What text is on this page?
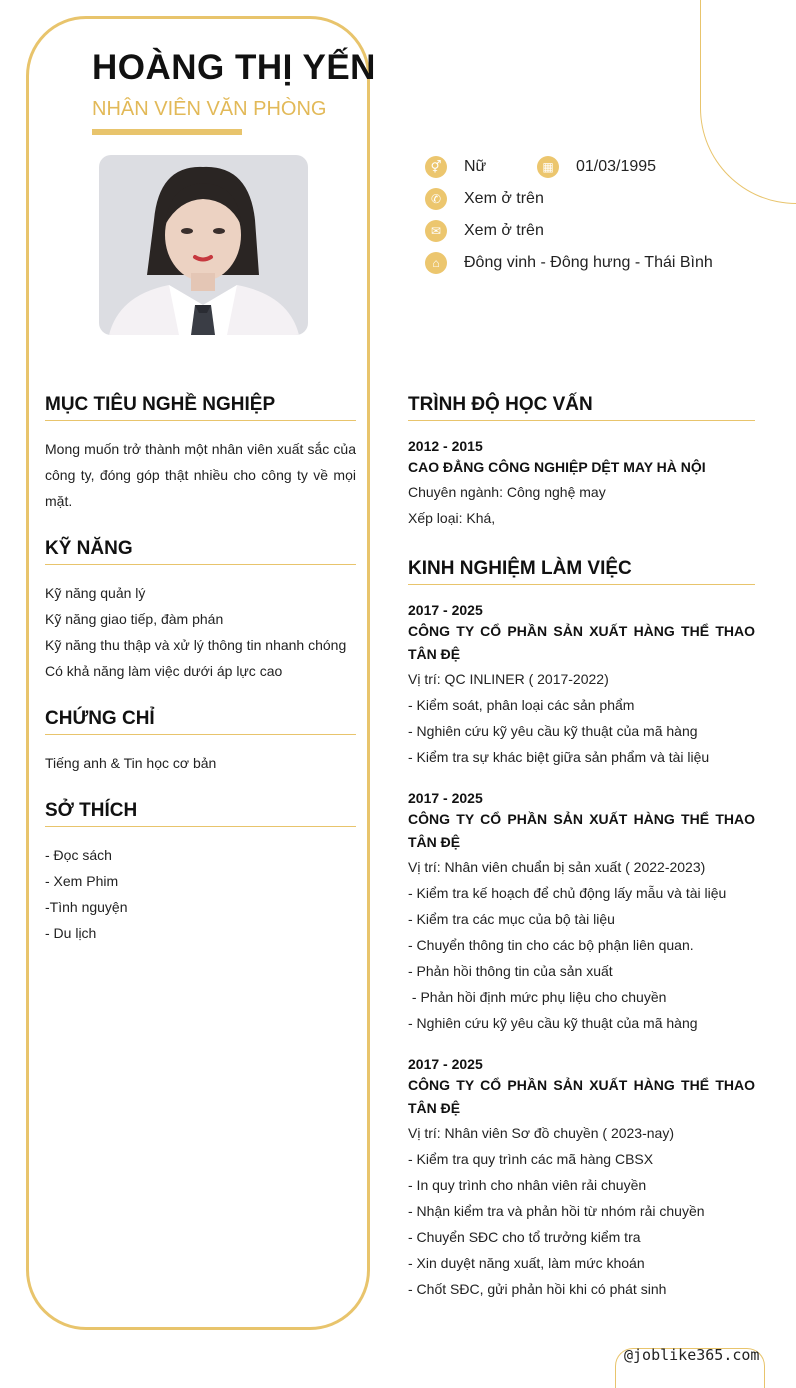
HOÀNG THỊ YẾN
NHÂN VIÊN VĂN PHÒNG
⚥	Nữ	▦	01/03/1995
✆	Xem ở trên
✉	Xem ở trên
⌂	Đông vinh - Đông hưng - Thái Bình
MỤC TIÊU NGHỀ NGHIỆP
Mong muốn trở thành một nhân viên xuất sắc của công ty, đóng góp thật nhiều cho công ty về mọi mặt.
KỸ NĂNG
Kỹ năng quản lý
Kỹ năng giao tiếp, đàm phán
Kỹ năng thu thập và xử lý thông tin nhanh chóng
Có khả năng làm việc dưới áp lực cao
CHỨNG CHỈ
Tiếng anh & Tin học cơ bản
SỞ THÍCH
- Đọc sách
- Xem Phim
-Tình nguyện
- Du lịch
TRÌNH ĐỘ HỌC VẤN
2012 - 2015
CAO ĐẲNG CÔNG NGHIỆP DỆT MAY HÀ NỘI
Chuyên ngành: Công nghệ may
Xếp loại: Khá,
KINH NGHIỆM LÀM VIỆC
2017 - 2025
CÔNG TY CỔ PHẦN SẢN XUẤT HÀNG THỂ THAO TÂN ĐỆ
Vị trí: QC INLINER ( 2017-2022)
- Kiểm soát, phân loại các sản phẩm
- Nghiên cứu kỹ yêu cầu kỹ thuật của mã hàng
- Kiểm tra sự khác biệt giữa sản phẩm và tài liệu
2017 - 2025
CÔNG TY CỔ PHẦN SẢN XUẤT HÀNG THỂ THAO TÂN ĐỆ
Vị trí: Nhân viên chuẩn bị sản xuất ( 2022-2023)
- Kiểm tra kế hoạch để chủ động lấy mẫu và tài liệu
- Kiểm tra các mục của bộ tài liệu
- Chuyển thông tin cho các bộ phận liên quan.
- Phản hồi thông tin của sản xuất
- Phản hồi định mức phụ liệu cho chuyền
- Nghiên cứu kỹ yêu cầu kỹ thuật của mã hàng
2017 - 2025
CÔNG TY CỔ PHẦN SẢN XUẤT HÀNG THỂ THAO TÂN ĐỆ
Vị trí: Nhân viên Sơ đồ chuyền ( 2023-nay)
- Kiểm tra quy trình các mã hàng CBSX
- In quy trình cho nhân viên rải chuyền
- Nhận kiểm tra và phản hồi từ nhóm rải chuyền
- Chuyển SĐC cho tổ trưởng kiểm tra
- Xin duyệt năng xuất, làm mức khoán
- Chốt SĐC, gửi phản hồi khi có phát sinh
@joblike365.com
